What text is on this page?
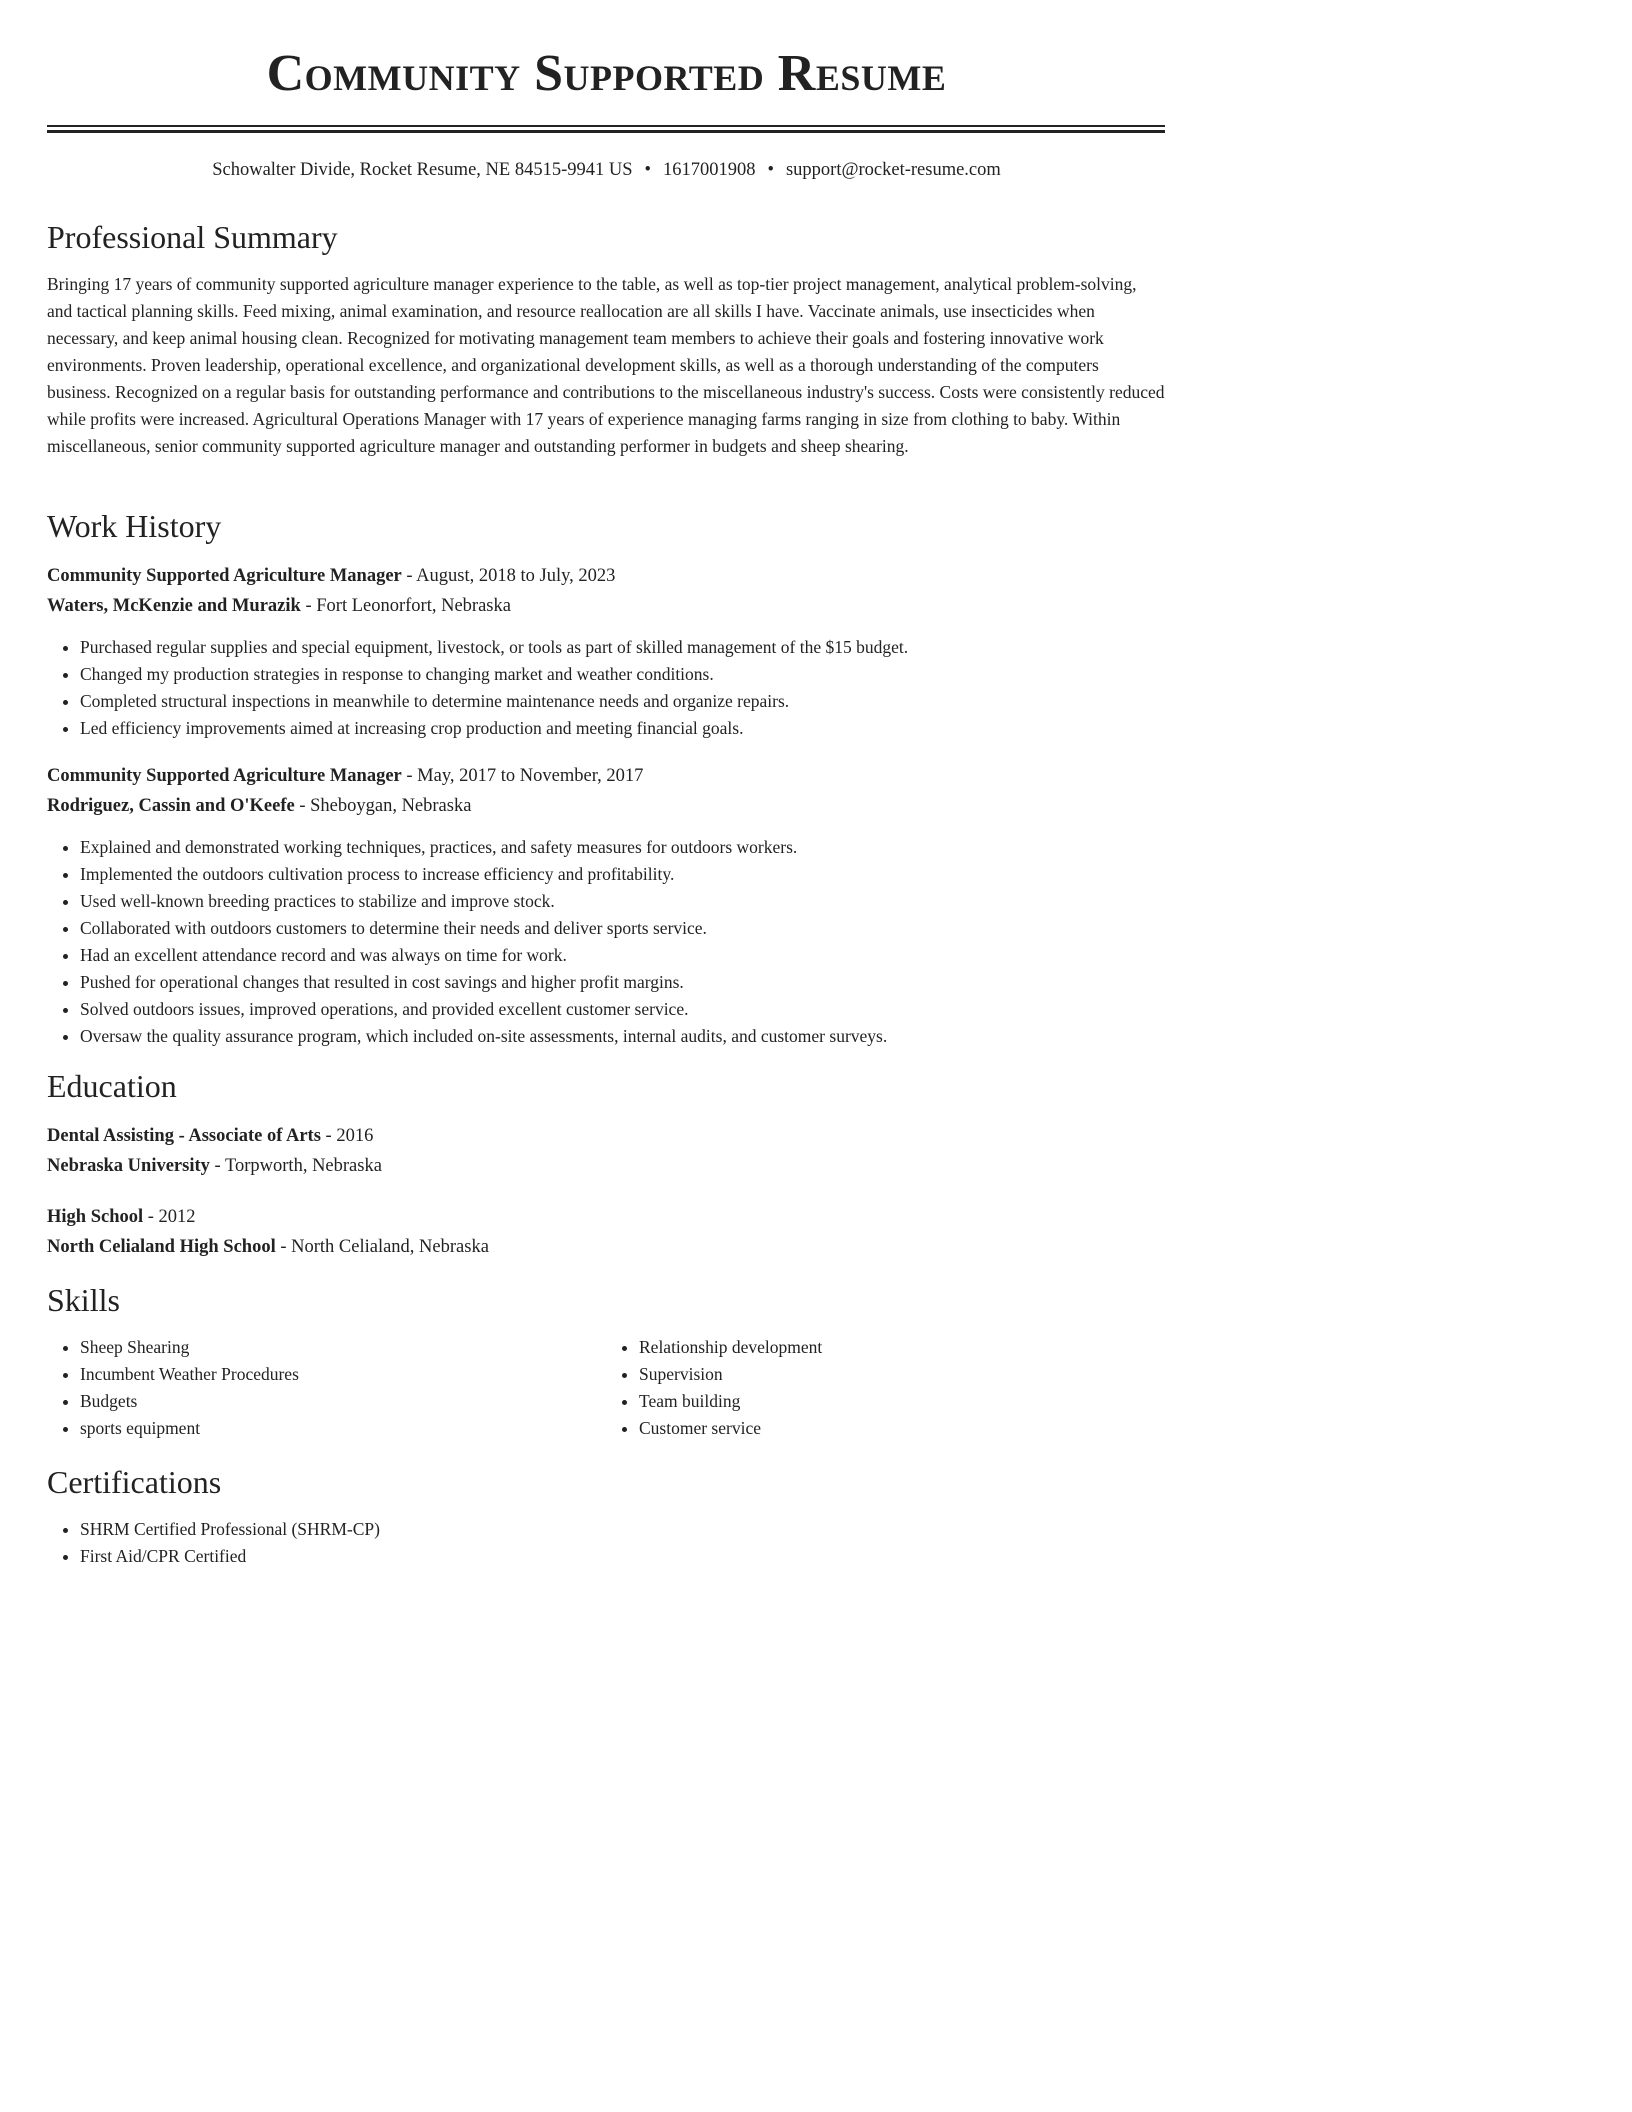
Community Supported Resume
Schowalter Divide, Rocket Resume, NE 84515-9941 US • 1617001908 • support@rocket-resume.com
Professional Summary

Bringing 17 years of community supported agriculture manager experience to the table, as well as top-tier project management, analytical problem-solving, and tactical planning skills. Feed mixing, animal examination, and resource reallocation are all skills I have. Vaccinate animals, use insecticides when necessary, and keep animal housing clean. Recognized for motivating management team members to achieve their goals and fostering innovative work environments. Proven leadership, operational excellence, and organizational development skills, as well as a thorough understanding of the computers business. Recognized on a regular basis for outstanding performance and contributions to the miscellaneous industry's success. Costs were consistently reduced while profits were increased. Agricultural Operations Manager with 17 years of experience managing farms ranging in size from clothing to baby. Within miscellaneous, senior community supported agriculture manager and outstanding performer in budgets and sheep shearing.

Work History
Community Supported Agriculture Manager - August, 2018 to July, 2023
Waters, McKenzie and Murazik - Fort Leonorfort, Nebraska
• Purchased regular supplies and special equipment, livestock, or tools as part of skilled management of the $15 budget.
• Changed my production strategies in response to changing market and weather conditions.
• Completed structural inspections in meanwhile to determine maintenance needs and organize repairs.
• Led efficiency improvements aimed at increasing crop production and meeting financial goals.
Community Supported Agriculture Manager - May, 2017 to November, 2017
Rodriguez, Cassin and O'Keefe - Sheboygan, Nebraska
• Explained and demonstrated working techniques, practices, and safety measures for outdoors workers.
• Implemented the outdoors cultivation process to increase efficiency and profitability.
• Used well-known breeding practices to stabilize and improve stock.
• Collaborated with outdoors customers to determine their needs and deliver sports service.
• Had an excellent attendance record and was always on time for work.
• Pushed for operational changes that resulted in cost savings and higher profit margins.
• Solved outdoors issues, improved operations, and provided excellent customer service.
• Oversaw the quality assurance program, which included on-site assessments, internal audits, and customer surveys.
Education
Dental Assisting - Associate of Arts - 2016
Nebraska University - Torpworth, Nebraska
High School - 2012
North Celialand High School - North Celialand, Nebraska
Skills
• Sheep Shearing
• Incumbent Weather Procedures
• Budgets
• sports equipment
• Relationship development
• Supervision
• Team building
• Customer service
Certifications
• SHRM Certified Professional (SHRM-CP)
• First Aid/CPR Certified
